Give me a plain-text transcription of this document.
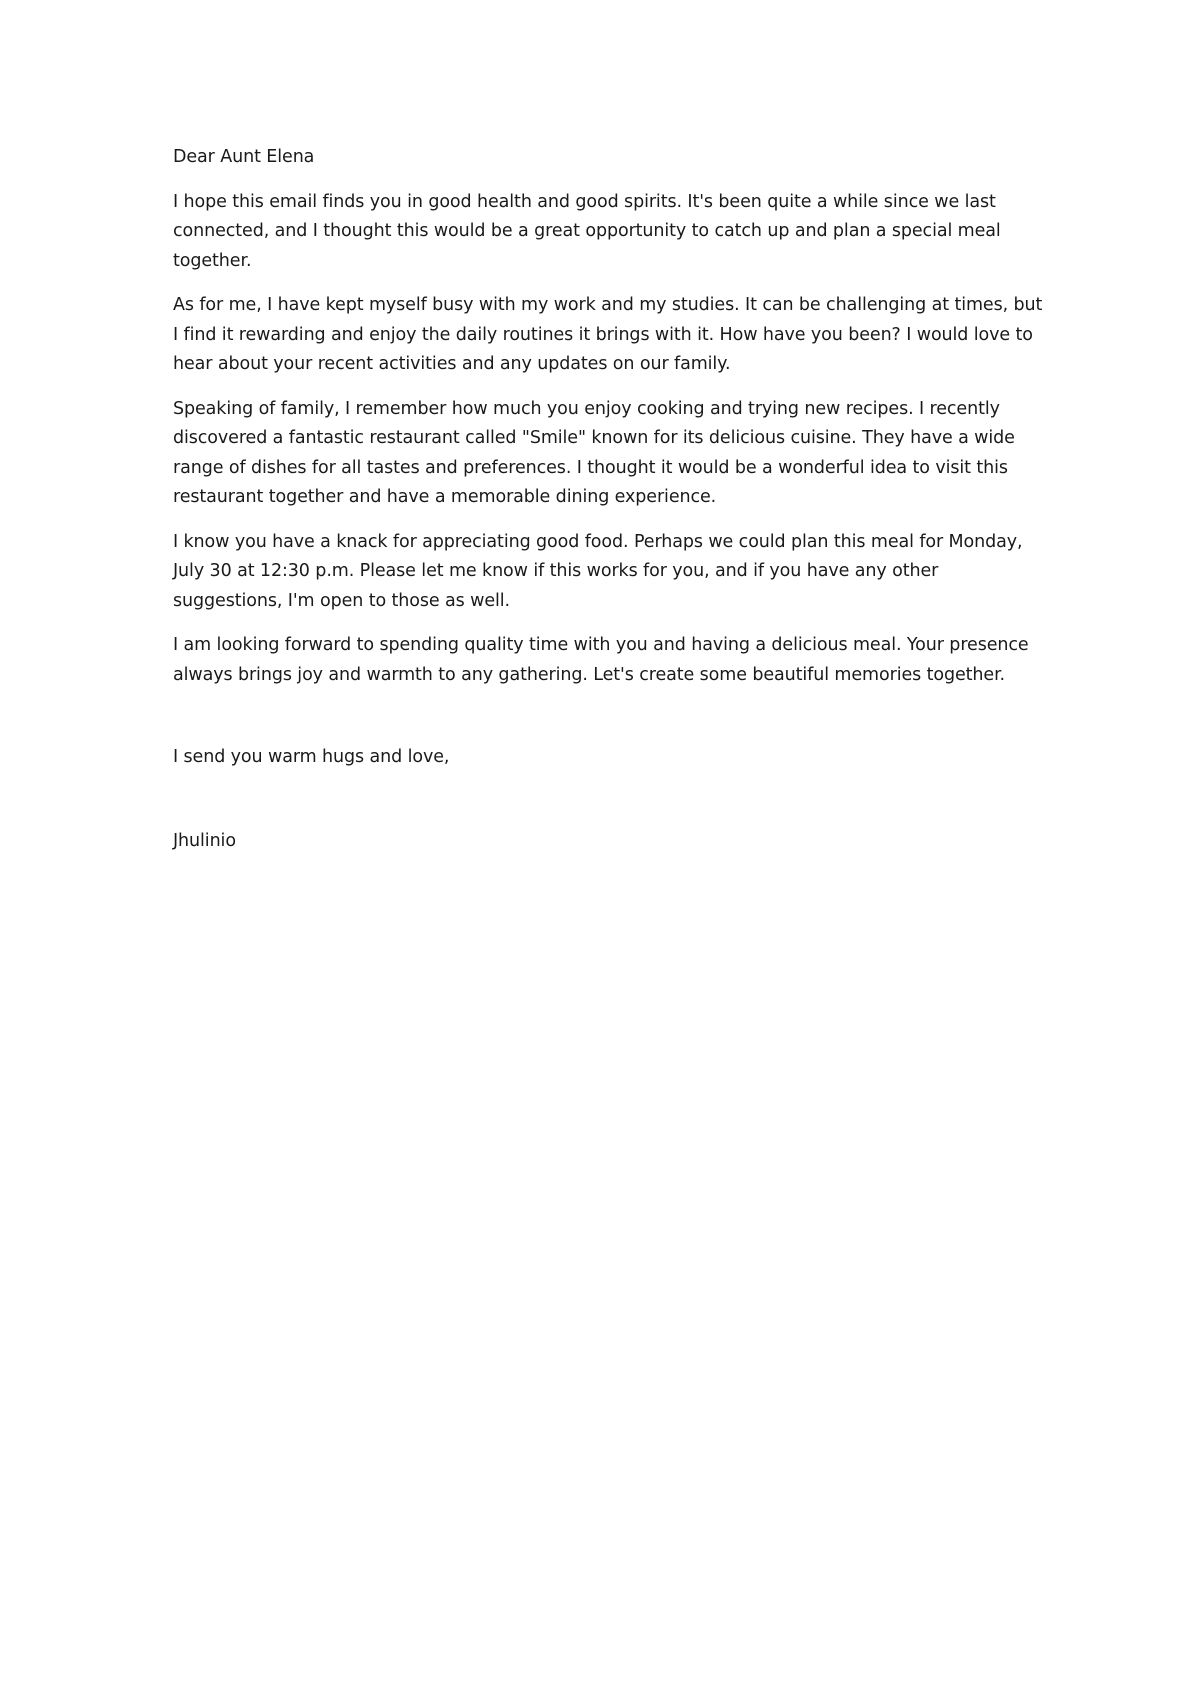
Dear Aunt Elena

I hope this email finds you in good health and good spirits. It's been quite a while since we last connected, and I thought this would be a great opportunity to catch up and plan a special meal together.

As for me, I have kept myself busy with my work and my studies. It can be challenging at times, but I find it rewarding and enjoy the daily routines it brings with it. How have you been? I would love to hear about your recent activities and any updates on our family.

Speaking of family, I remember how much you enjoy cooking and trying new recipes. I recently discovered a fantastic restaurant called "Smile" known for its delicious cuisine. They have a wide range of dishes for all tastes and preferences. I thought it would be a wonderful idea to visit this restaurant together and have a memorable dining experience.

I know you have a knack for appreciating good food. Perhaps we could plan this meal for Monday, July 30 at 12:30 p.m. Please let me know if this works for you, and if you have any other suggestions, I'm open to those as well.

I am looking forward to spending quality time with you and having a delicious meal. Your presence always brings joy and warmth to any gathering. Let's create some beautiful memories together.

I send you warm hugs and love,

Jhulinio
